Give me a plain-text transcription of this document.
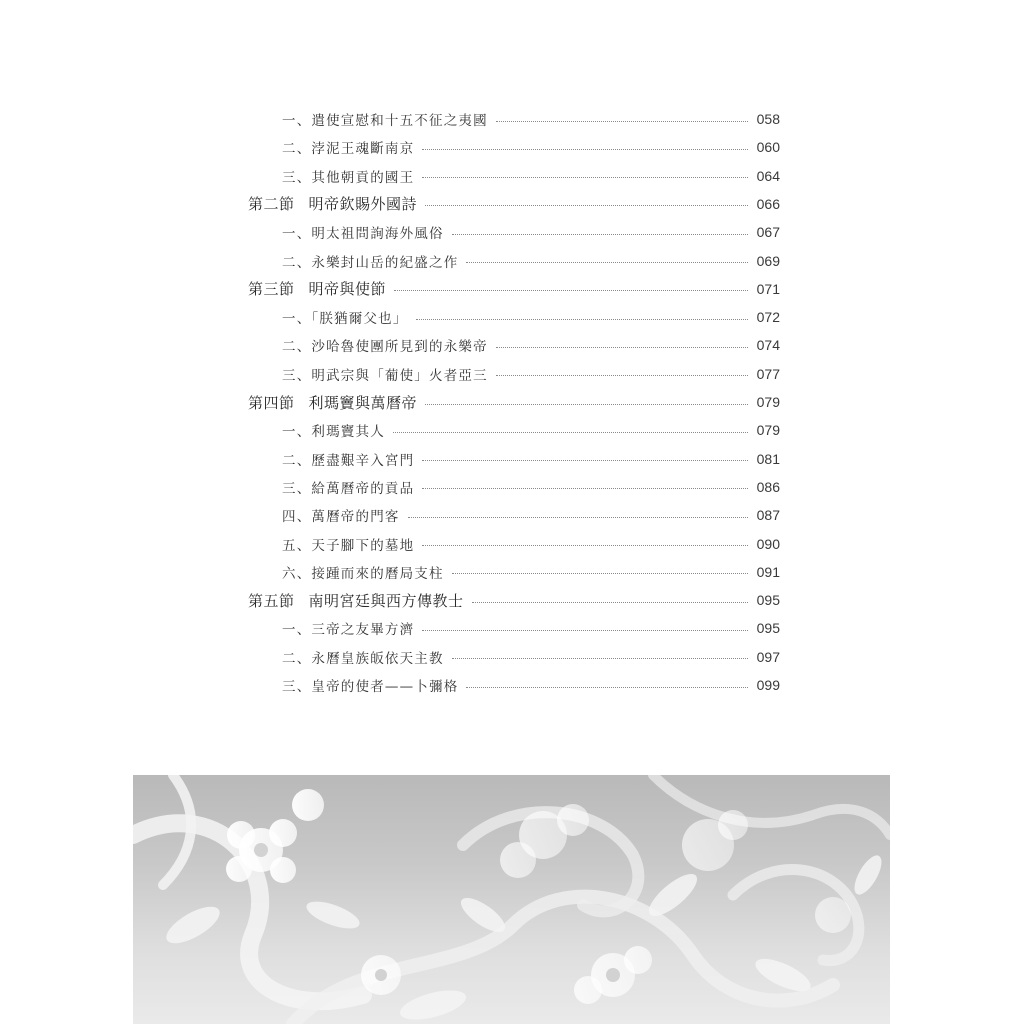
一、遣使宣慰和十五不征之夷國	058
二、浡泥王魂斷南京	060
三、其他朝貢的國王	064
第二節 明帝欽賜外國詩	066
一、明太祖問詢海外風俗	067
二、永樂封山岳的紀盛之作	069
第三節 明帝與使節	071
一、「朕猶爾父也」	072
二、沙哈魯使團所見到的永樂帝	074
三、明武宗與「葡使」火者亞三	077
第四節 利瑪竇與萬曆帝	079
一、利瑪竇其人	079
二、歷盡艱辛入宮門	081
三、給萬曆帝的貢品	086
四、萬曆帝的門客	087
五、天子腳下的墓地	090
六、接踵而來的曆局支柱	091
第五節 南明宮廷與西方傳教士	095
一、三帝之友畢方濟	095
二、永曆皇族皈依天主教	097
三、皇帝的使者——卜彌格	099
